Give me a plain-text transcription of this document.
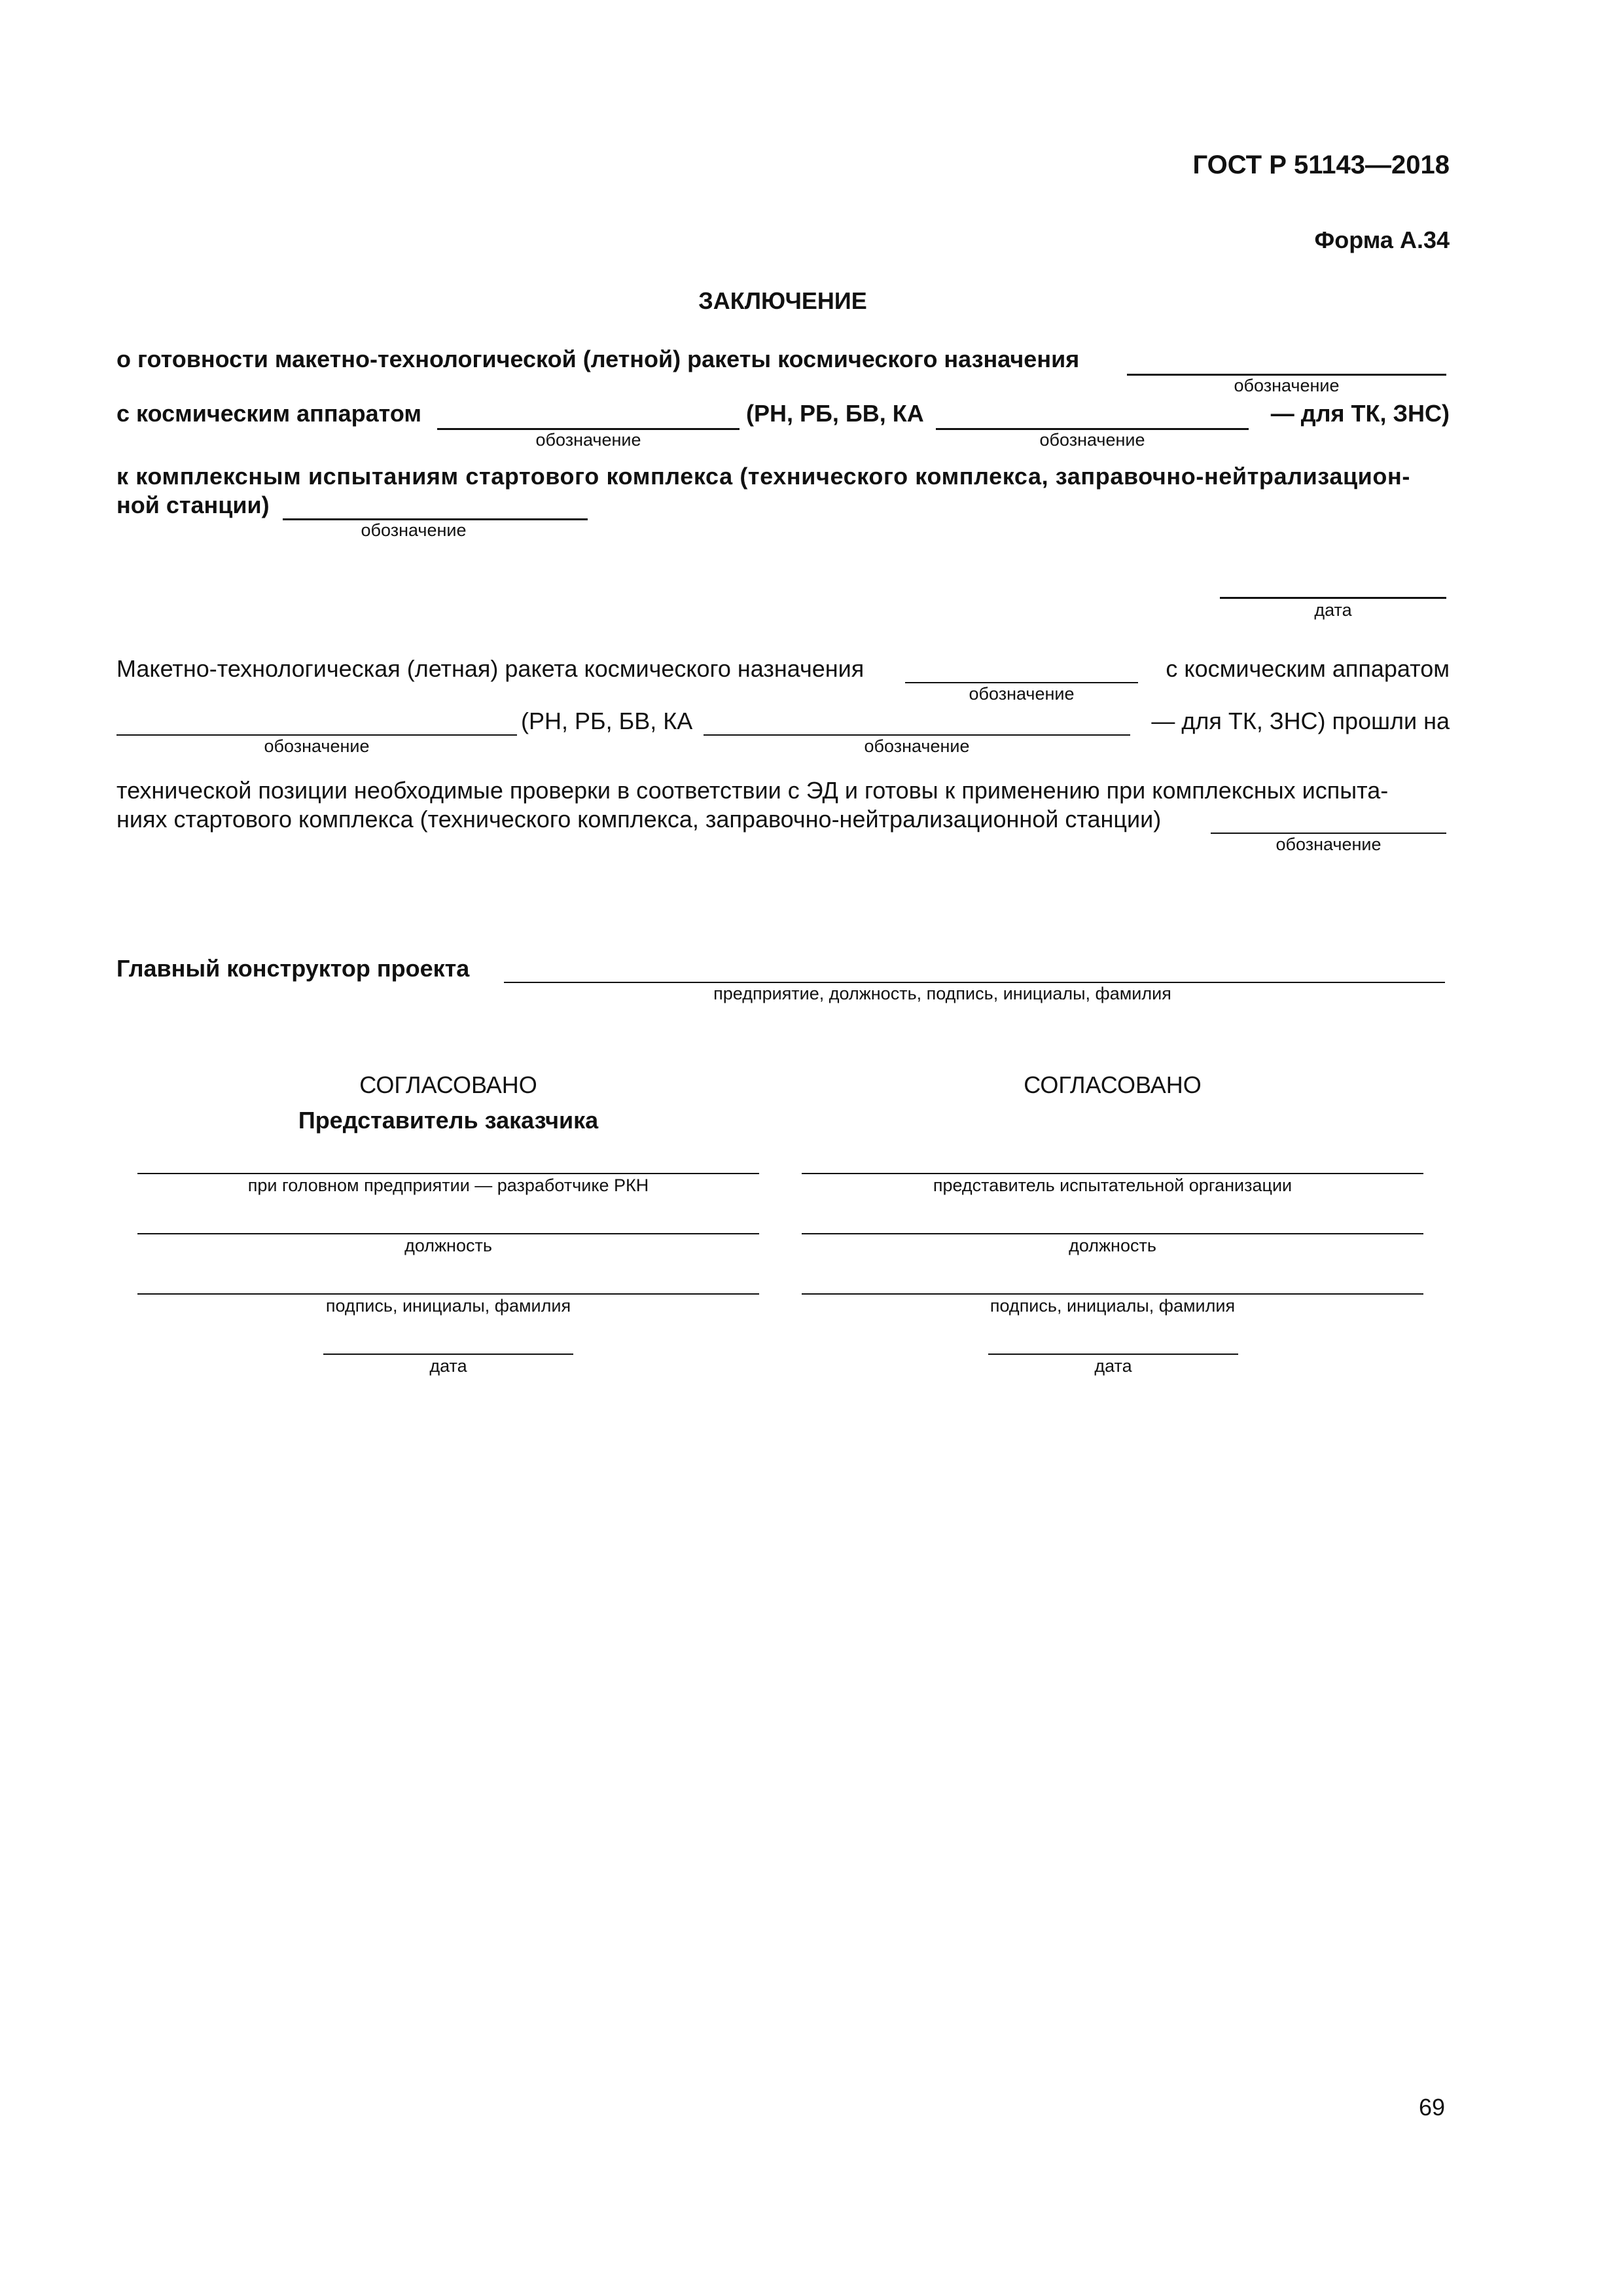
ГОСТ Р 51143—2018
Форма А.34
ЗАКЛЮЧЕНИЕ
о готовности макетно-технологической (летной) ракеты космического назначения
обозначение
с космическим аппаратом
обозначение
(РН, РБ, БВ, КА
обозначение
— для ТК, ЗНС)
к комплексным испытаниям стартового комплекса (технического комплекса, заправочно-нейтрализацион-
ной станции)
обозначение
дата
Макетно-технологическая (летная) ракета космического назначения
обозначение
с космическим аппаратом
обозначение
(РН, РБ, БВ, КА
обозначение
— для ТК, ЗНС) прошли на
технической позиции необходимые проверки в соответствии с ЭД и готовы к применению при комплексных испыта-
ниях стартового комплекса (технического комплекса, заправочно-нейтрализационной станции)
обозначение
Главный конструктор проекта
предприятие, должность, подпись, инициалы, фамилия
СОГЛАСОВАНО
Представитель заказчика
при головном предприятии — разработчике РКН
должность
подпись, инициалы, фамилия
дата
СОГЛАСОВАНО
представитель испытательной организации
должность
подпись, инициалы, фамилия
дата
69
